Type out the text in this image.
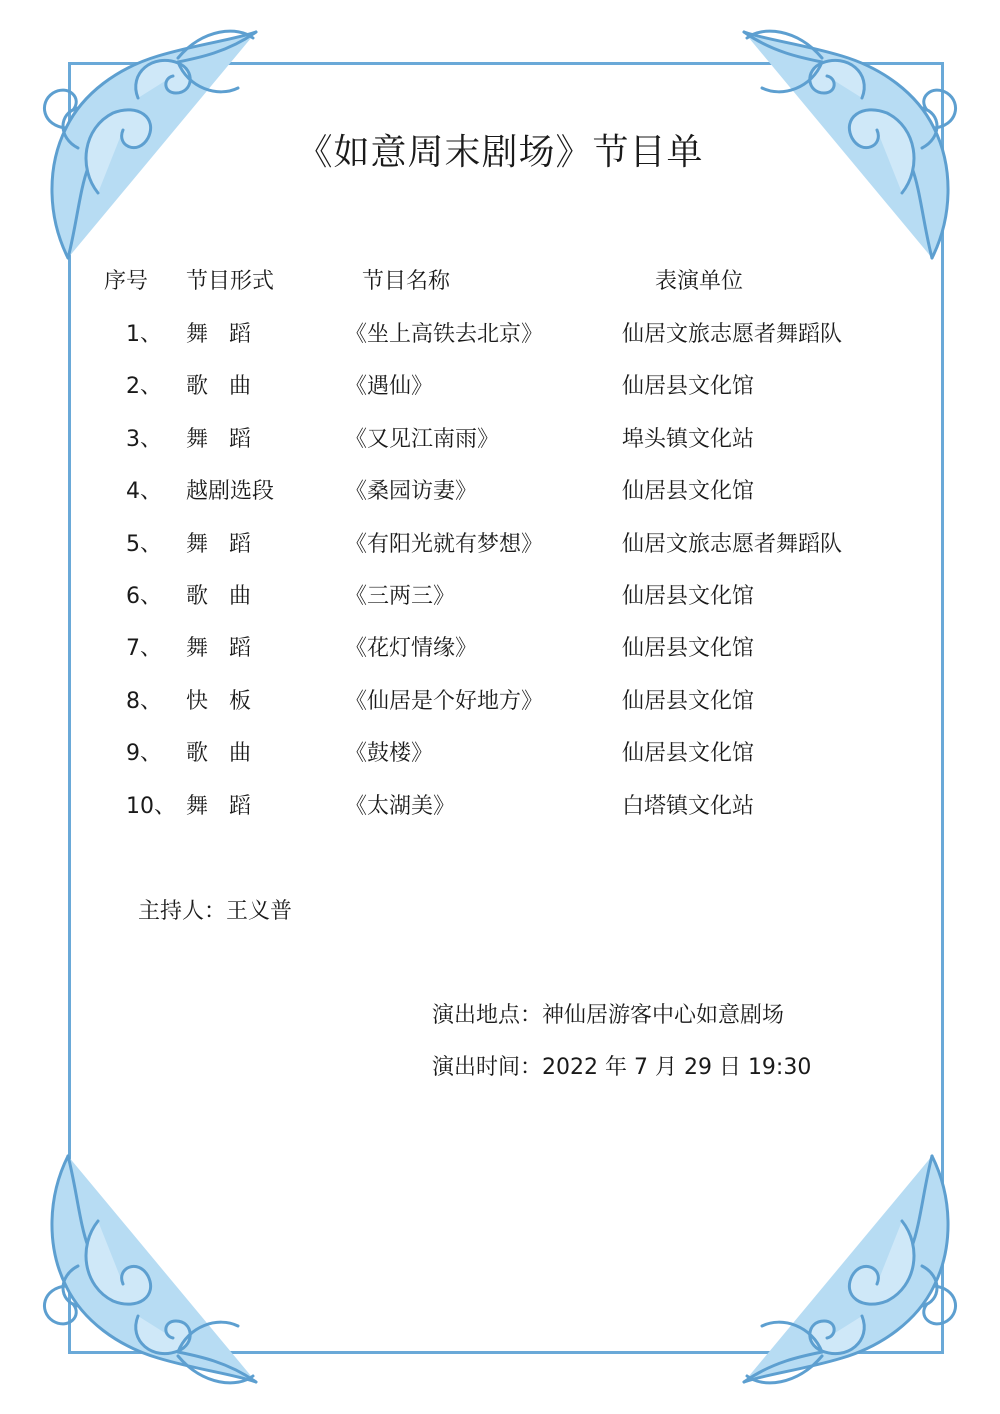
《如意周末剧场》节目单
序号 节目形式	节目名称	表演单位
1、 舞 蹈	《坐上高铁去北京》	仙居文旅志愿者舞蹈队
2、 歌 曲	《遇仙》	仙居县文化馆
3、 舞 蹈	《又见江南雨》	埠头镇文化站
4、 越剧选段	《桑园访妻》	仙居县文化馆
5、 舞 蹈	《有阳光就有梦想》	仙居文旅志愿者舞蹈队
6、 歌 曲	《三两三》	仙居县文化馆
7、 舞 蹈	《花灯情缘》	仙居县文化馆
8、 快 板	《仙居是个好地方》	仙居县文化馆
9、 歌 曲	《鼓楼》	仙居县文化馆
10、 舞 蹈	《太湖美》	白塔镇文化站
主持人：王义普
演出地点：神仙居游客中心如意剧场
演出时间：2022 年 7 月 29 日 19:30
